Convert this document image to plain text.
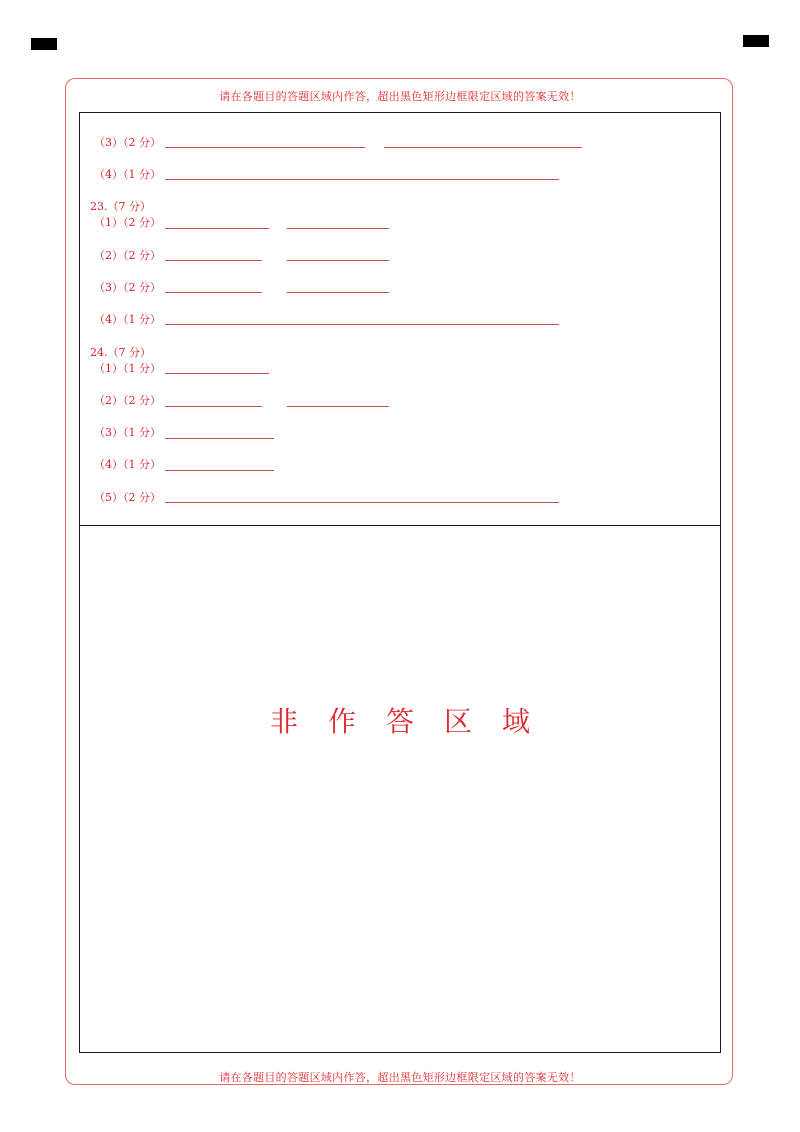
请在各题目的答题区域内作答，超出黑色矩形边框限定区域的答案无效！
（3）（2 分）
（4）（1 分）
23.（7 分）
（1）（2 分）
（2）（2 分）
（3）（2 分）
（4）（1 分）
24.（7 分）
（1）（1 分）
（2）（2 分）
（3）（1 分）
（4）（1 分）
（5）（2 分）
非作答区域
请在各题目的答题区域内作答，超出黑色矩形边框限定区域的答案无效！
